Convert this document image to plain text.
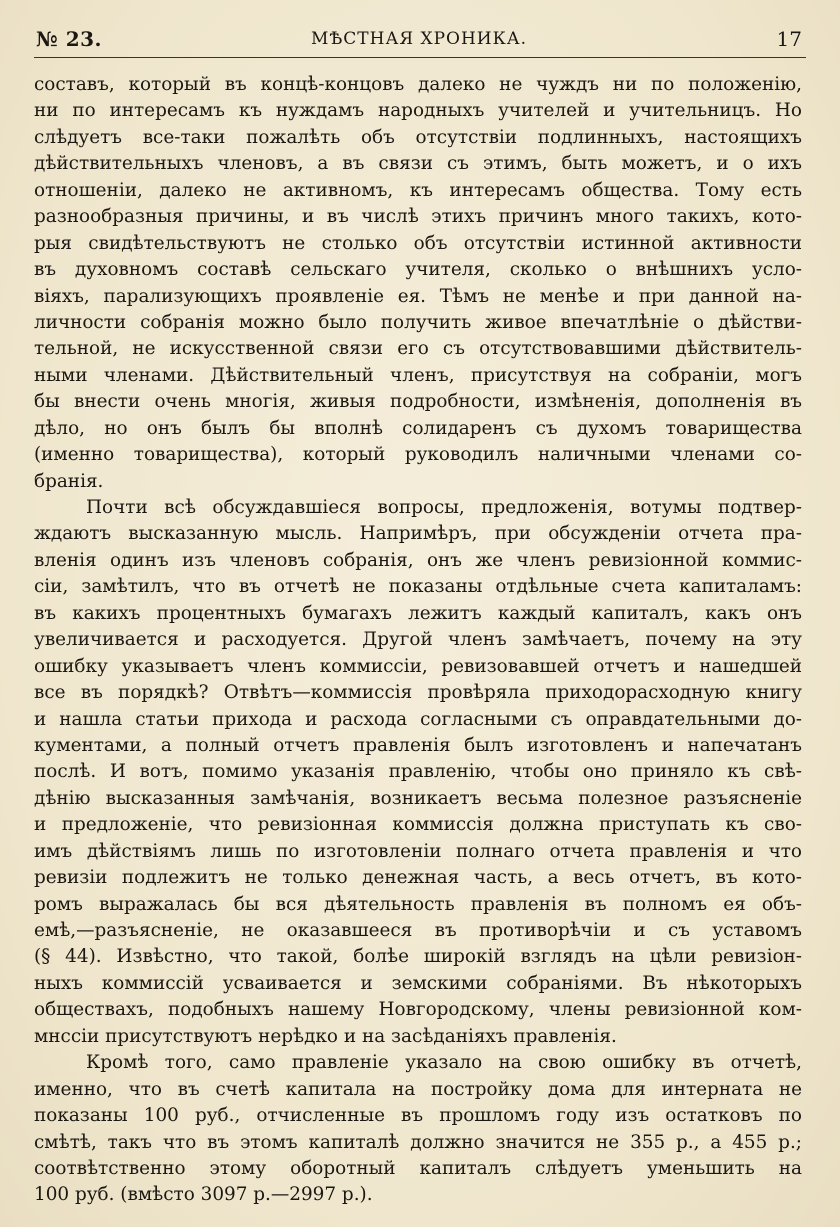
№ 23.	МѢСТНАЯ ХРОНИКА.	17
составъ, который въ концѣ-концовъ далеко не чуждъ ни по положенію,
ни по интересамъ къ нуждамъ народныхъ учителей и учительницъ. Но
слѣдуетъ все-таки пожалѣть объ отсутствіи подлинныхъ, настоящихъ
дѣйствительныхъ членовъ, а въ связи съ этимъ, быть можетъ, и о ихъ
отношеніи, далеко не активномъ, къ интересамъ общества. Тому есть
разнообразныя причины, и въ числѣ этихъ причинъ много такихъ, кото-
рыя свидѣтельствуютъ не столько объ отсутствіи истинной активности
въ духовномъ составѣ сельскаго учителя, сколько о внѣшнихъ усло-
віяхъ, парализующихъ проявленіе ея. Тѣмъ не менѣе и при данной на-
личности собранія можно было получить живое впечатлѣніе о дѣйстви-
тельной, не искусственной связи его съ отсутствовавшими дѣйствитель-
ными членами. Дѣйствительный членъ, присутствуя на собраніи, могъ
бы внести очень многія, живыя подробности, измѣненія, дополненія въ
дѣло, но онъ былъ бы вполнѣ солидаренъ съ духомъ товарищества
(именно товарищества), который руководилъ наличными членами со-
бранія.
Почти всѣ обсуждавшіеся вопросы, предложенія, вотумы подтвер-
ждаютъ высказанную мысль. Напримѣръ, при обсужденіи отчета пра-
вленія одинъ изъ членовъ собранія, онъ же членъ ревизіонной коммис-
сіи, замѣтилъ, что въ отчетѣ не показаны отдѣльные счета капиталамъ:
въ какихъ процентныхъ бумагахъ лежитъ каждый капиталъ, какъ онъ
увеличивается и расходуется. Другой членъ замѣчаетъ, почему на эту
ошибку указываетъ членъ коммиссіи, ревизовавшей отчетъ и нашедшей
все въ порядкѣ? Отвѣтъ—коммиссія провѣряла приходорасходную книгу
и нашла статьи прихода и расхода согласными съ оправдательными до-
кументами, а полный отчетъ правленія былъ изготовленъ и напечатанъ
послѣ. И вотъ, помимо указанія правленію, чтобы оно приняло къ свѣ-
дѣнію высказанныя замѣчанія, возникаетъ весьма полезное разъясненіе
и предложеніе, что ревизіонная коммиссія должна приступать къ сво-
имъ дѣйствіямъ лишь по изготовленіи полнаго отчета правленія и что
ревизіи подлежитъ не только денежная часть, а весь отчетъ, въ кото-
ромъ выражалась бы вся дѣятельность правленія въ полномъ ея объ-
емѣ,—разъясненіе, не оказавшееся въ противорѣчіи и съ уставомъ
(§ 44). Извѣстно, что такой, болѣе широкій взглядъ на цѣли ревизіон-
ныхъ коммиссій усваивается и земскими собраніями. Въ нѣкоторыхъ
обществахъ, подобныхъ нашему Новгородскому, члены ревизіонной ком-
мнссіи присутствуютъ нерѣдко и на засѣданіяхъ правленія.
Кромѣ того, само правленіе указало на свою ошибку въ отчетѣ,
именно, что въ счетѣ капитала на постройку дома для интерната не
показаны 100 руб., отчисленные въ прошломъ году изъ остатковъ по
смѣтѣ, такъ что въ этомъ капиталѣ должно значится не 355 р., а 455 р.;
соотвѣтственно этому оборотный капиталъ слѣдуетъ уменьшить на
100 руб. (вмѣсто 3097 р.—2997 р.).
